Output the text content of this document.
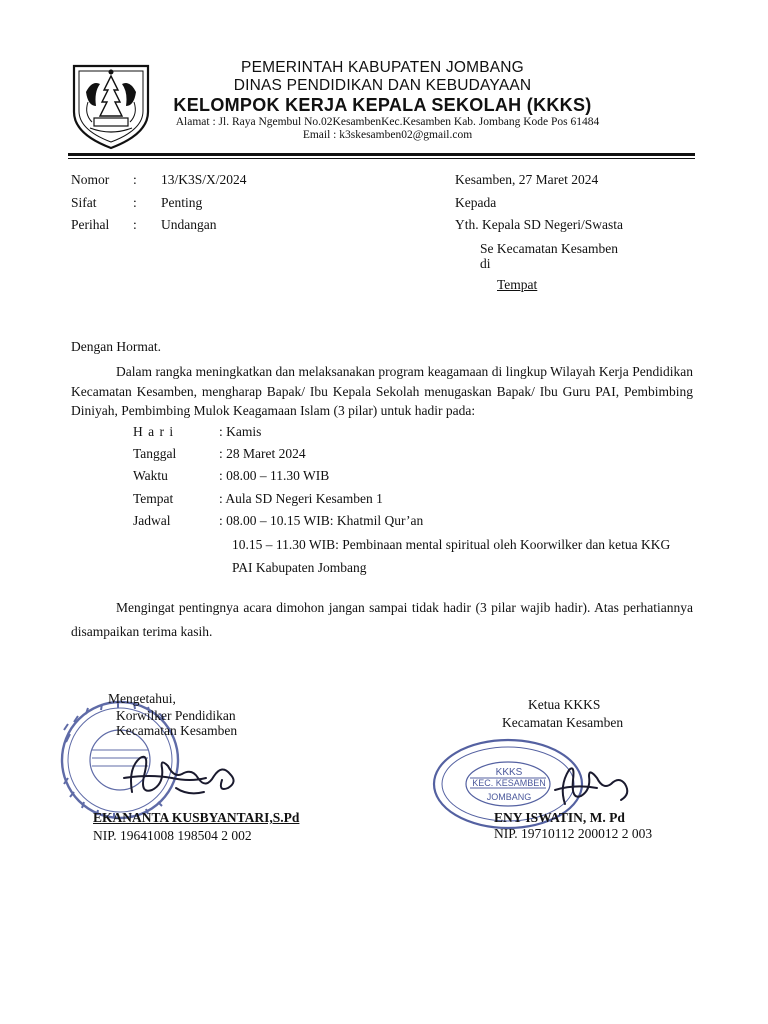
PEMERINTAH KABUPATEN JOMBANG
DINAS PENDIDIKAN DAN KEBUDAYAAN
KELOMPOK KERJA KEPALA SEKOLAH (KKKS)
Alamat : Jl. Raya Ngembul No.02KesambenKec.Kesamben Kab. Jombang Kode Pos 61484
Email : k3skesamben02@gmail.com
Nomor : 13/K3S/X/2024
Sifat	: Penting
Perihal : Undangan
Kesamben, 27 Maret 2024
Kepada
Yth. Kepala SD Negeri/Swasta
Se Kecamatan Kesamben
di
Tempat
Dengan Hormat.
Dalam rangka meningkatkan dan melaksanakan program keagamaan di lingkup Wilayah Kerja Pendidikan Kecamatan Kesamben, mengharap Bapak/ Ibu Kepala Sekolah menugaskan Bapak/ Ibu Guru PAI, Pembimbing Diniyah, Pembimbing Mulok Keagamaan Islam (3 pilar) untuk hadir pada:
H a r i	: Kamis
Tanggal	: 28 Maret 2024
Waktu	: 08.00 – 11.30 WIB
Tempat	: Aula SD Negeri Kesamben 1
Jadwal	: 08.00 – 10.15 WIB: Khatmil Qur’an
10.15 – 11.30 WIB: Pembinaan mental spiritual oleh Koorwilker dan ketua KKG
PAI Kabupaten Jombang
Mengingat pentingnya acara dimohon jangan sampai tidak hadir (3 pilar wajib hadir). Atas perhatiannya disampaikan terima kasih.
Mengetahui,
Korwilker Pendidikan
Kecamatan Kesamben
EKANANTA KUSBYANTARI,S.Pd
NIP. 19641008 198504 2 002
KKKS
KEC. KESAMBEN
JOMBANG
Ketua KKKS
Kecamatan Kesamben
ENY ISWATIN, M. Pd
NIP. 19710112 200012 2 003
